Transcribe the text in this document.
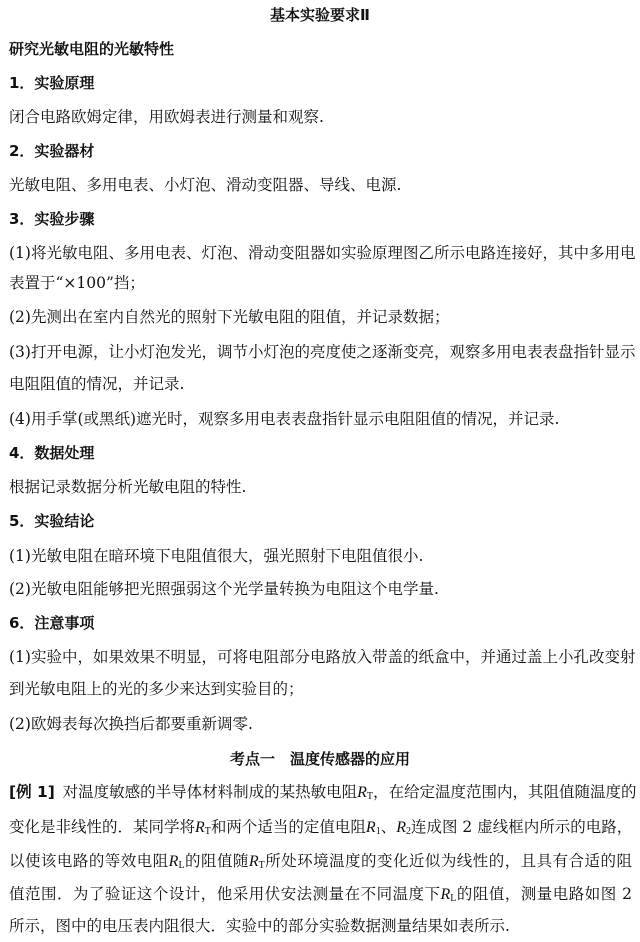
基本实验要求Ⅱ
研究光敏电阻的光敏特性
1．实验原理
闭合电路欧姆定律，用欧姆表进行测量和观察.
2．实验器材
光敏电阻、多用电表、小灯泡、滑动变阻器、导线、电源.
3．实验步骤
(1)将光敏电阻、多用电表、灯泡、滑动变阻器如实验原理图乙所示电路连接好，其中多用电
表置于“×100”挡；
(2)先测出在室内自然光的照射下光敏电阻的阻值，并记录数据；
(3)打开电源，让小灯泡发光，调节小灯泡的亮度使之逐渐变亮，观察多用电表表盘指针显示
电阻阻值的情况，并记录.
(4)用手掌(或黑纸)遮光时，观察多用电表表盘指针显示电阻阻值的情况，并记录.
4．数据处理
根据记录数据分析光敏电阻的特性.
5．实验结论
(1)光敏电阻在暗环境下电阻值很大，强光照射下电阻值很小.
(2)光敏电阻能够把光照强弱这个光学量转换为电阻这个电学量.
6．注意事项
(1)实验中，如果效果不明显，可将电阻部分电路放入带盖的纸盒中，并通过盖上小孔改变射
到光敏电阻上的光的多少来达到实验目的；
(2)欧姆表每次换挡后都要重新调零.
考点一　温度传感器的应用
[例 1]  对温度敏感的半导体材料制成的某热敏电阻$R_T$，在给定温度范围内，其阻值随温度的
变化是非线性的．某同学将$R_T$和两个适当的定值电阻$R_1$、$R_2$连成图 2 虚线框内所示的电路，
以使该电路的等效电阻$R_L$的阻值随$R_T$所处环境温度的变化近似为线性的，且具有合适的阻
值范围．为了验证这个设计，他采用伏安法测量在不同温度下$R_L$的阻值，测量电路如图 2
所示，图中的电压表内阻很大．实验中的部分实验数据测量结果如表所示.
